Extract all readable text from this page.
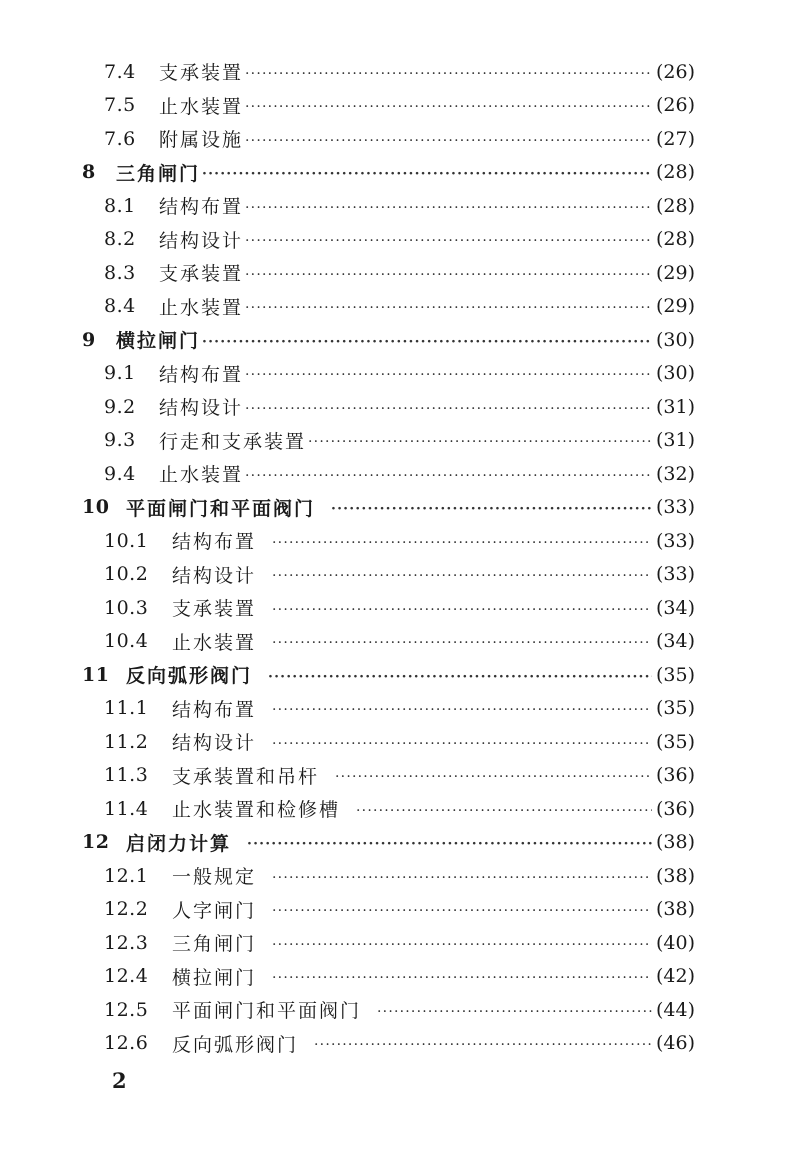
7.4	支承装置 ·····	(26)
7.5	止水装置 ·····	(26)
7.6	附属设施 ·····	(27)
8	三角闸门 ·····	(28)
8.1	结构布置 ·····	(28)
8.2	结构设计 ·····	(28)
8.3	支承装置 ·····	(29)
8.4	止水装置 ·····	(29)
9	横拉闸门 ·····	(30)
9.1	结构布置 ·····	(30)
9.2	结构设计 ·····	(31)
9.3	行走和支承装置 ·····	(31)
9.4	止水装置 ·····	(32)
10 平面闸门和平面阀门 ·····	(33)
10.1	结构布置 ·····	(33)
10.2	结构设计 ·····	(33)
10.3	支承装置 ·····	(34)
10.4	止水装置 ·····	(34)
11 反向弧形阀门 ·····	(35)
11.1	结构布置 ·····	(35)
11.2	结构设计 ·····	(35)
11.3	支承装置和吊杆 ·····	(36)
11.4	止水装置和检修槽 ·····	(36)
12 启闭力计算 ·····	(38)
12.1	一般规定 ·····	(38)
12.2	人字闸门 ·····	(38)
12.3	三角闸门 ·····	(40)
12.4	横拉闸门 ·····	(42)
12.5	平面闸门和平面阀门 ·····	(44)
12.6	反向弧形阀门 ·····	(46)
2
